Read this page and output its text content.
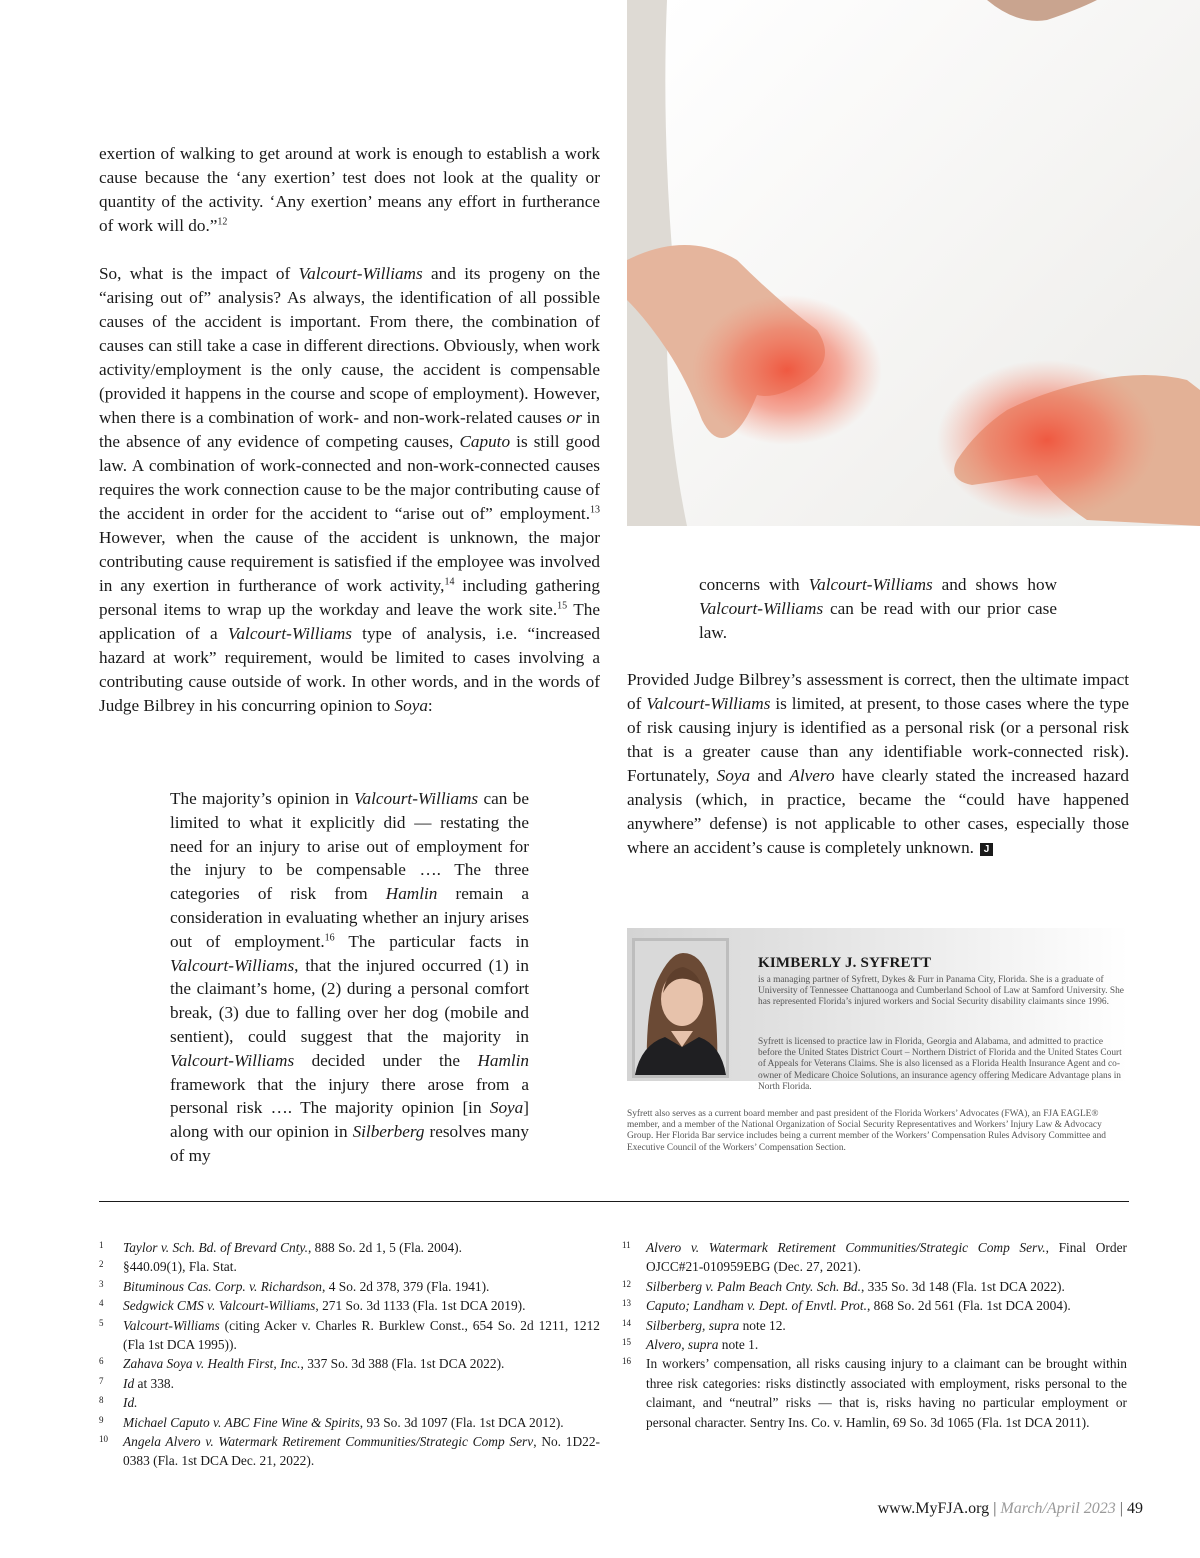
exertion of walking to get around at work is enough to establish a work cause because the ‘any exertion’ test does not look at the quality or quantity of the activity. ‘Any exertion’ means any effort in furtherance of work will do.”$^{12}$

So, what is the impact of Valcourt-Williams and its progeny on the “arising out of” analysis? As always, the identification of all possible causes of the accident is important. From there, the combination of causes can still take a case in different directions. Obviously, when work activity/employment is the only cause, the accident is compensable (provided it happens in the course and scope of employment). However, when there is a combination of work- and non-work-related causes or in the absence of any evidence of competing causes, Caputo is still good law. A combination of work-connected and non-work-connected causes requires the work connection cause to be the major contributing cause of the accident in order for the accident to “arise out of” employment.$^{13}$ However, when the cause of the accident is unknown, the major contributing cause requirement is satisfied if the employee was involved in any exertion in furtherance of work activity,$^{14}$ including gathering personal items to wrap up the workday and leave the work site.$^{15}$ The application of a Valcourt-Williams type of analysis, i.e. “increased hazard at work” requirement, would be limited to cases involving a contributing cause outside of work. In other words, and in the words of Judge Bilbrey in his concurring opinion to Soya:

The majority’s opinion in Valcourt-Williams can be limited to what it explicitly did — restating the need for an injury to arise out of employment for the injury to be compensable …. The three categories of risk from Hamlin remain a consideration in evaluating whether an injury arises out of employment.$^{16}$ The particular facts in Valcourt-Williams, that the injured occurred (1) in the claimant’s home, (2) during a personal comfort break, (3) due to falling over her dog (mobile and sentient), could suggest that the majority in Valcourt-Williams decided under the Hamlin framework that the injury there arose from a personal risk …. The majority opinion [in Soya] along with our opinion in Silberberg resolves many of my

concerns with Valcourt-Williams and shows how Valcourt-Williams can be read with our prior case law.

Provided Judge Bilbrey’s assessment is correct, then the ultimate impact of Valcourt-Williams is limited, at present, to those cases where the type of risk causing injury is identified as a personal risk (or a personal risk that is a greater cause than any identifiable work-connected risk). Fortunately, Soya and Alvero have clearly stated the increased hazard analysis (which, in practice, became the “could have happened anywhere” defense) is not applicable to other cases, especially those where an accident’s cause is completely unknown. J

KIMBERLY J. SYFRETT

is a managing partner of Syfrett, Dykes & Furr in Panama City, Florida. She is a graduate of University of Tennessee Chattanooga and Cumberland School of Law at Samford University. She has represented Florida’s injured workers and Social Security disability claimants since 1996.

Syfrett is licensed to practice law in Florida, Georgia and Alabama, and admitted to practice before the United States District Court – Northern District of Florida and the United States Court of Appeals for Veterans Claims. She is also licensed as a Florida Health Insurance Agent and co-owner of Medicare Choice Solutions, an insurance agency offering Medicare Advantage plans in North Florida.

Syfrett also serves as a current board member and past president of the Florida Workers’ Advocates (FWA), an FJA EAGLE® member, and a member of the National Organization of Social Security Representatives and Workers’ Injury Law & Advocacy Group. Her Florida Bar service includes being a current member of the Workers’ Compensation Rules Advisory Committee and Executive Council of the Workers’ Compensation Section.

1	Taylor v. Sch. Bd. of Brevard Cnty., 888 So. 2d 1, 5 (Fla. 2004).
2	§440.09(1), Fla. Stat.
3	Bituminous Cas. Corp. v. Richardson, 4 So. 2d 378, 379 (Fla. 1941).
4	Sedgwick CMS v. Valcourt-Williams, 271 So. 3d 1133 (Fla. 1st DCA 2019).
5	Valcourt-Williams (citing Acker v. Charles R. Burklew Const., 654 So. 2d 1211, 1212 (Fla 1st DCA 1995)).
6	Zahava Soya v. Health First, Inc., 337 So. 3d 388 (Fla. 1st DCA 2022).
7	Id at 338.
8	Id.
9	Michael Caputo v. ABC Fine Wine & Spirits, 93 So. 3d 1097 (Fla. 1st DCA 2012).
10	Angela Alvero v. Watermark Retirement Communities/Strategic Comp Serv, No. 1D22-0383 (Fla. 1st DCA Dec. 21, 2022).
11	Alvero v. Watermark Retirement Communities/Strategic Comp Serv., Final Order OJCC#21-010959EBG (Dec. 27, 2021).
12	Silberberg v. Palm Beach Cnty. Sch. Bd., 335 So. 3d 148 (Fla. 1st DCA 2022).
13	Caputo; Landham v. Dept. of Envtl. Prot., 868 So. 2d 561 (Fla. 1st DCA 2004).
14	Silberberg, supra note 12.
15	Alvero, supra note 1.
16	In workers’ compensation, all risks causing injury to a claimant can be brought within three risk categories: risks distinctly associated with employment, risks personal to the claimant, and “neutral” risks — that is, risks having no particular employment or personal character. Sentry Ins. Co. v. Hamlin, 69 So. 3d 1065 (Fla. 1st DCA 2011).
www.MyFJA.org | March/April 2023 | 49
